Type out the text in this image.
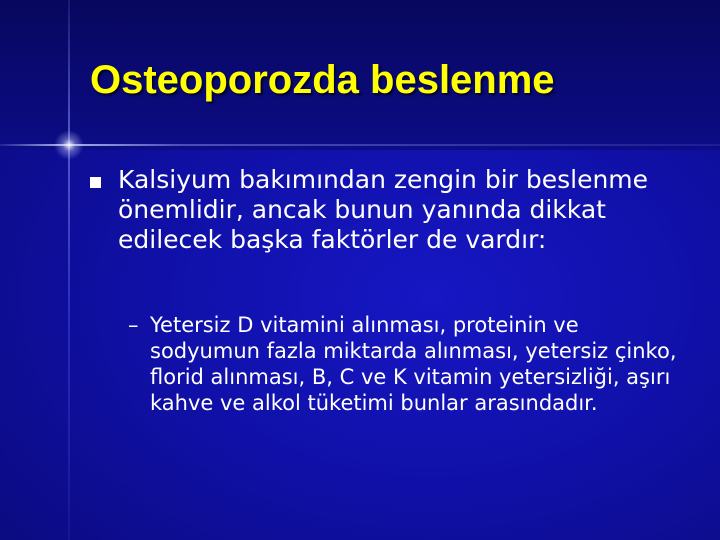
Osteoporozda beslenme

Kalsiyum bakımından zengin bir beslenme önemlidir, ancak bunun yanında dikkat edilecek başka faktörler de vardır:

– Yetersiz D vitamini alınması, proteinin ve sodyumun fazla miktarda alınması, yetersiz çinko, florid alınması, B, C ve K vitamin yetersizliği, aşırı kahve ve alkol tüketimi bunlar arasındadır.
